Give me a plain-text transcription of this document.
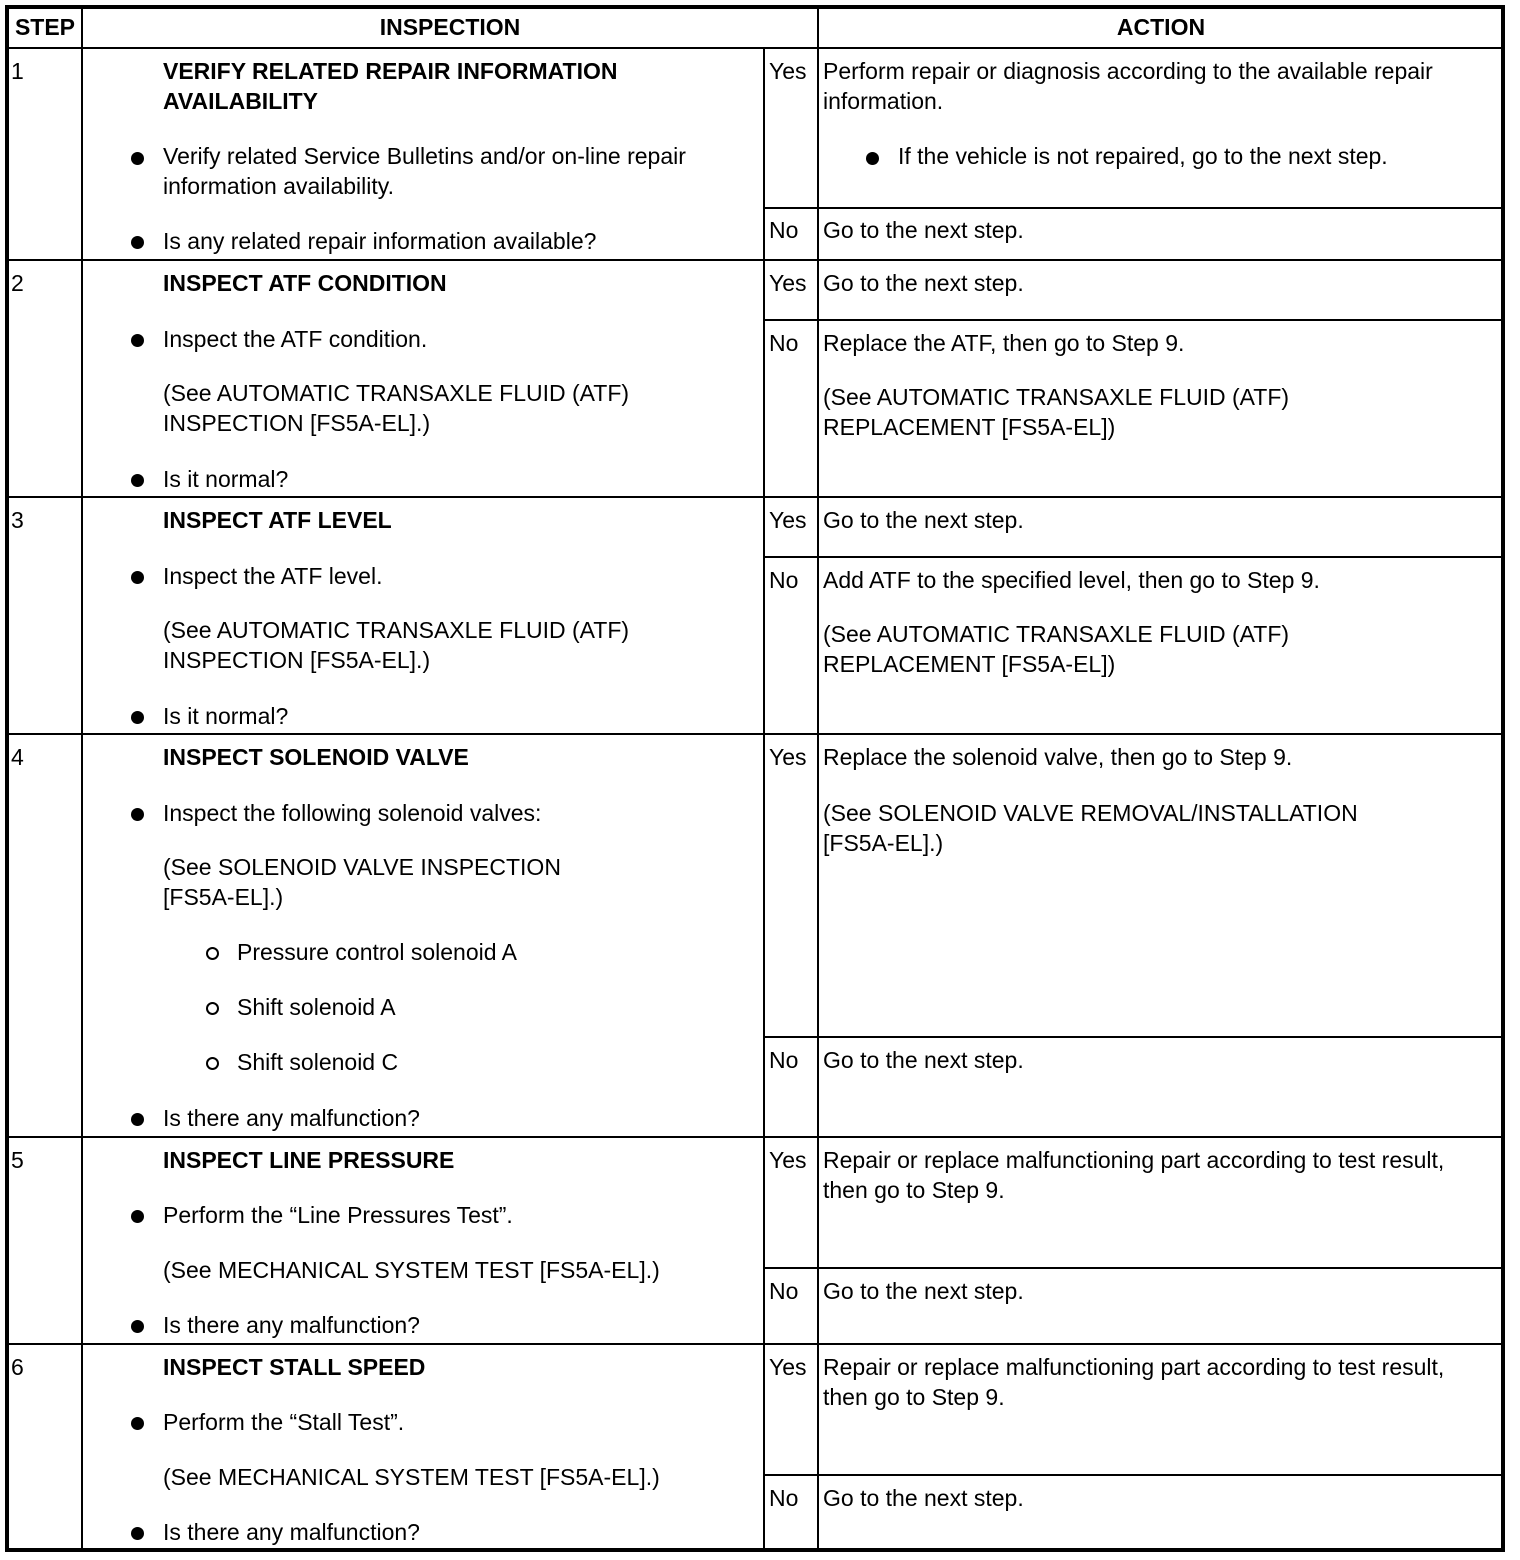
STEP	INSPECTION	ACTION
1	VERIFY RELATED REPAIR INFORMATION
AVAILABILITY
Verify related Service Bulletins and/or on-line repair
information availability.
Is any related repair information available?
Yes Perform repair or diagnosis according to the available repair
information.
If the vehicle is not repaired, go to the next step.
No Go to the next step.
2	INSPECT ATF CONDITION
Inspect the ATF condition.
(See AUTOMATIC TRANSAXLE FLUID (ATF)
INSPECTION [FS5A-EL].)
Is it normal?
Yes Go to the next step.
No Replace the ATF, then go to Step 9.
(See AUTOMATIC TRANSAXLE FLUID (ATF)
REPLACEMENT [FS5A-EL])
3	INSPECT ATF LEVEL
Inspect the ATF level.
(See AUTOMATIC TRANSAXLE FLUID (ATF)
INSPECTION [FS5A-EL].)
Is it normal?
Yes Go to the next step.
No Add ATF to the specified level, then go to Step 9.
(See AUTOMATIC TRANSAXLE FLUID (ATF)
REPLACEMENT [FS5A-EL])
4	INSPECT SOLENOID VALVE
Inspect the following solenoid valves:
(See SOLENOID VALVE INSPECTION
[FS5A-EL].)
Pressure control solenoid A
Shift solenoid A
Shift solenoid C
Is there any malfunction?
Yes Replace the solenoid valve, then go to Step 9.
(See SOLENOID VALVE REMOVAL/INSTALLATION
[FS5A-EL].)
No Go to the next step.
5	INSPECT LINE PRESSURE
Perform the “Line Pressures Test”.
(See MECHANICAL SYSTEM TEST [FS5A-EL].)
Is there any malfunction?
Yes Repair or replace malfunctioning part according to test result,
then go to Step 9.
No Go to the next step.
6	INSPECT STALL SPEED
Perform the “Stall Test”.
(See MECHANICAL SYSTEM TEST [FS5A-EL].)
Is there any malfunction?
Yes Repair or replace malfunctioning part according to test result,
then go to Step 9.
No Go to the next step.
